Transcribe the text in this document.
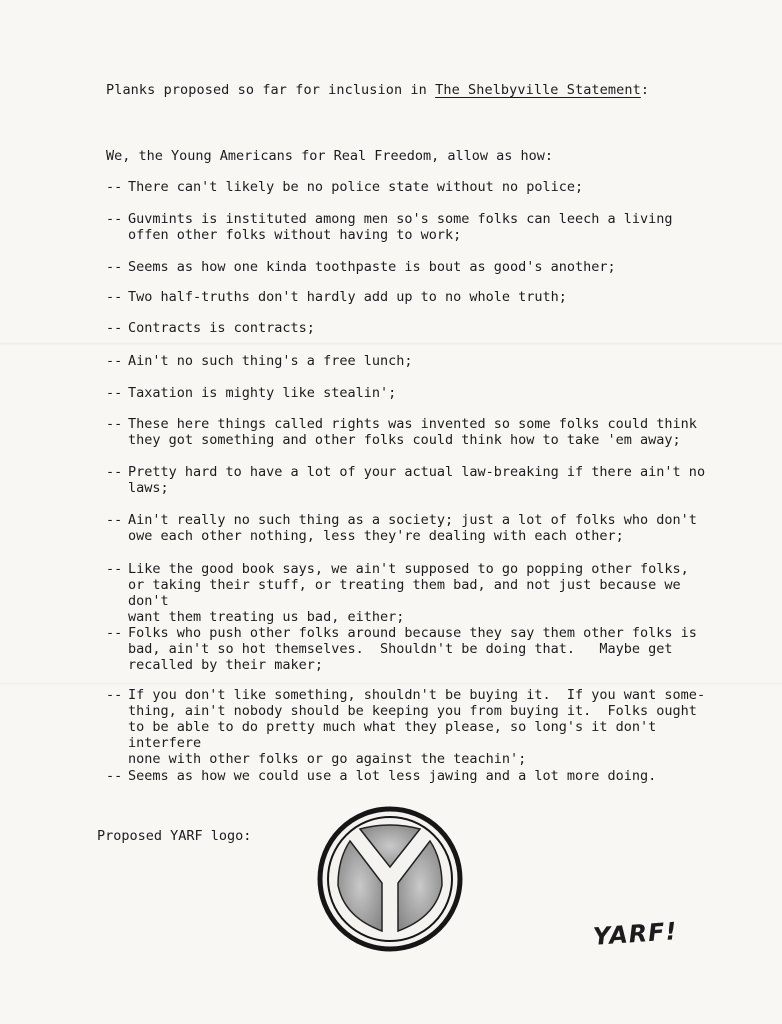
Planks proposed so far for inclusion in The Shelbyville Statement:
We, the Young Americans for Real Freedom, allow as how:
-- There can't likely be no police state without no police;
-- Guvmints is instituted among men so's some folks can leech a living
offen other folks without having to work;
-- Seems as how one kinda toothpaste is bout as good's another;
-- Two half-truths don't hardly add up to no whole truth;
-- Contracts is contracts;
-- Ain't no such thing's a free lunch;
-- Taxation is mighty like stealin';
-- These here things called rights was invented so some folks could think
they got something and other folks could think how to take 'em away;
-- Pretty hard to have a lot of your actual law-breaking if there ain't no
laws;
-- Ain't really no such thing as a society; just a lot of folks who don't
owe each other nothing, less they're dealing with each other;
-- Like the good book says, we ain't supposed to go popping other folks,
or taking their stuff, or treating them bad, and not just because we don't
want them treating us bad, either;
-- Folks who push other folks around because they say them other folks is
bad, ain't so hot themselves.  Shouldn't be doing that.   Maybe get
recalled by their maker;
-- If you don't like something, shouldn't be buying it.  If you want some-
thing, ain't nobody should be keeping you from buying it.  Folks ought
to be able to do pretty much what they please, so long's it don't interfere
none with other folks or go against the teachin';
-- Seems as how we could use a lot less jawing and a lot more doing.
Proposed YARF logo:
YARF!
